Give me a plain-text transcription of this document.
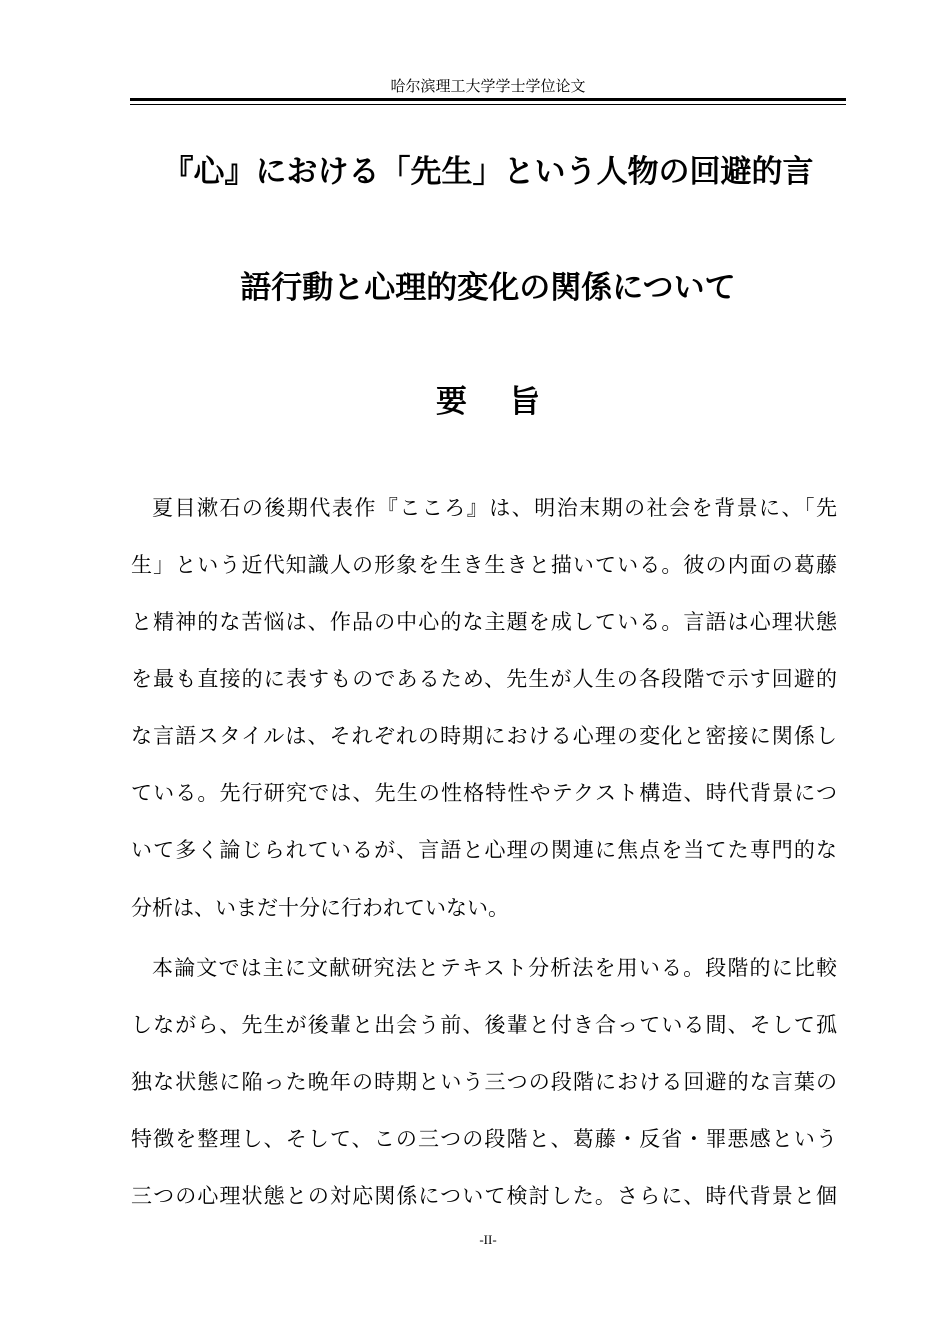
哈尔滨理工大学学士学位论文
『心』における「先生」という人物の回避的言
語行動と心理的変化の関係について
要旨
夏目漱石の後期代表作『こころ』は、明治末期の社会を背景に、「先
生」という近代知識人の形象を生き生きと描いている。彼の内面の葛藤
と精神的な苦悩は、作品の中心的な主題を成している。言語は心理状態
を最も直接的に表すものであるため、先生が人生の各段階で示す回避的
な言語スタイルは、それぞれの時期における心理の変化と密接に関係し
ている。先行研究では、先生の性格特性やテクスト構造、時代背景につ
いて多く論じられているが、言語と心理の関連に焦点を当てた専門的な
分析は、いまだ十分に行われていない。
本論文では主に文献研究法とテキスト分析法を用いる。段階的に比較
しながら、先生が後輩と出会う前、後輩と付き合っている間、そして孤
独な状態に陥った晩年の時期という三つの段階における回避的な言葉の
特徴を整理し、そして、この三つの段階と、葛藤・反省・罪悪感という
三つの心理状態との対応関係について検討した。さらに、時代背景と個
-II-
